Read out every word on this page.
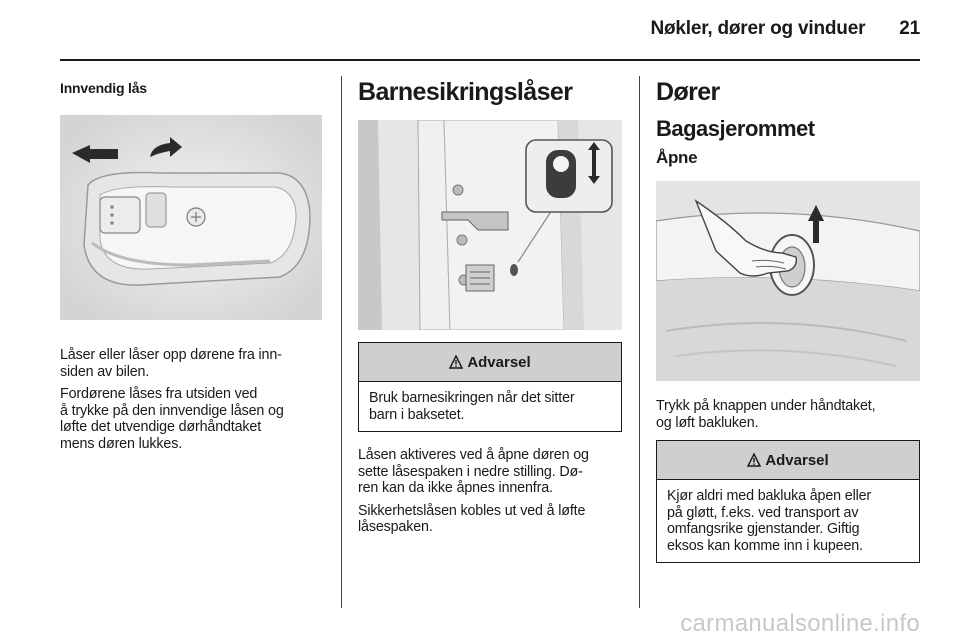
Nøkler, dører og vinduer 21
Innvendig lås

Låser eller låser opp dørene fra inn-
siden av bilen.

Fordørene låses fra utsiden ved
å trykke på den innvendige låsen og
løfte det utvendige dørhåndtaket
mens døren lukkes.

Barnesikringslåser
Advarsel
Bruk barnesikringen når det sitter
barn i baksetet.

Låsen aktiveres ved å åpne døren og
sette låsespaken i nedre stilling. Dø-
ren kan da ikke åpnes innenfra.

Sikkerhetslåsen kobles ut ved å løfte
låsespaken.

Dører
Bagasjerommet
Åpne

Trykk på knappen under håndtaket,
og løft bakluken.

Advarsel
Kjør aldri med bakluka åpen eller
på gløtt, f.eks. ved transport av
omfangsrike gjenstander. Giftig
eksos kan komme inn i kupeen.
carmanualsonline.info
